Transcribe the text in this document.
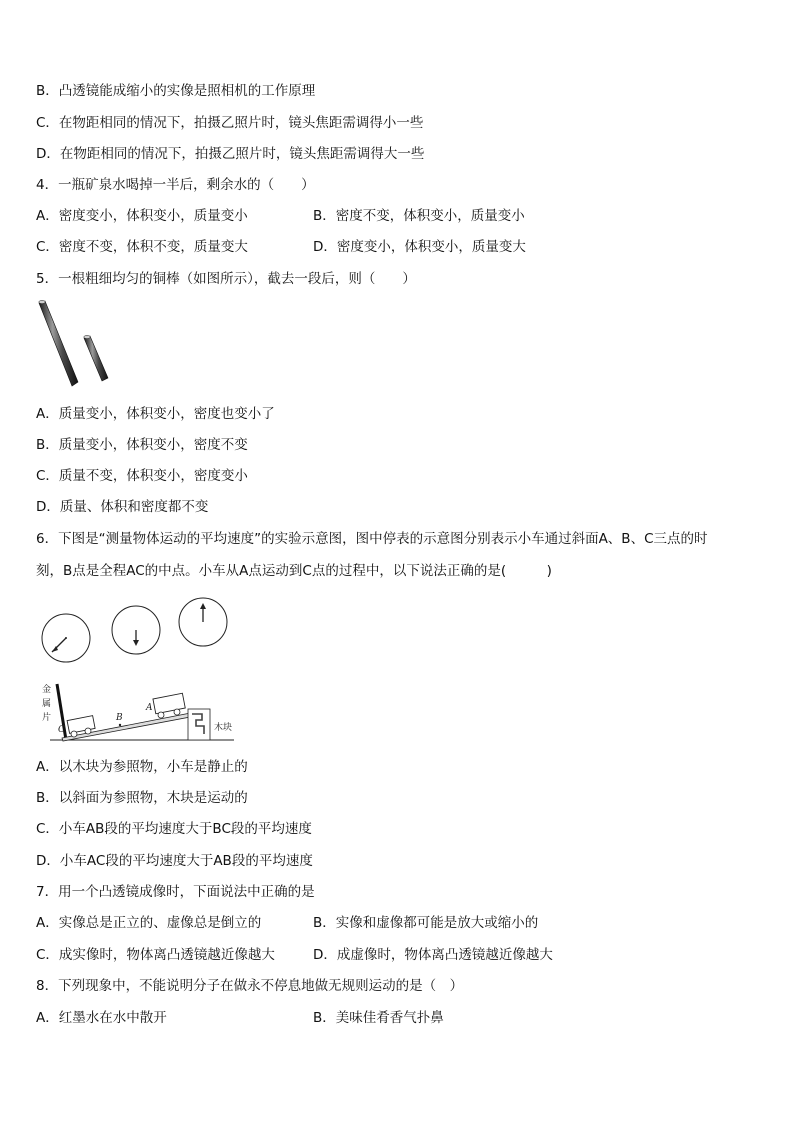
B．凸透镜能成缩小的实像是照相机的工作原理
C．在物距相同的情况下，拍摄乙照片时，镜头焦距需调得小一些
D．在物距相同的情况下，拍摄乙照片时，镜头焦距需调得大一些
4．一瓶矿泉水喝掉一半后，剩余水的（　　）
A．密度变小，体积变小，质量变小	B．密度不变，体积变小，质量变小
C．密度不变，体积不变，质量变大	D．密度变小，体积变小，质量变大
5．一根粗细均匀的铜棒（如图所示），截去一段后，则（　　）
A．质量变小，体积变小，密度也变小了
B．质量变小，体积变小，密度不变
C．质量不变，体积变小，密度变小
D．质量、体积和密度都不变
6．下图是“测量物体运动的平均速度”的实验示意图，图中停表的示意图分别表示小车通过斜面A、B、C三点的时
刻，B点是全程AC的中点。小车从A点运动到C点的过程中，以下说法正确的是(　　　)
金
属
片
木块
C
B
A
A．以木块为参照物，小车是静止的
B．以斜面为参照物，木块是运动的
C．小车AB段的平均速度大于BC段的平均速度
D．小车AC段的平均速度大于AB段的平均速度
7．用一个凸透镜成像时，下面说法中正确的是
A．实像总是正立的、虚像总是倒立的	B．实像和虚像都可能是放大或缩小的
C．成实像时，物体离凸透镜越近像越大	D．成虚像时，物体离凸透镜越近像越大
8．下列现象中，不能说明分子在做永不停息地做无规则运动的是（　）
A．红墨水在水中散开	B．美味佳肴香气扑鼻
